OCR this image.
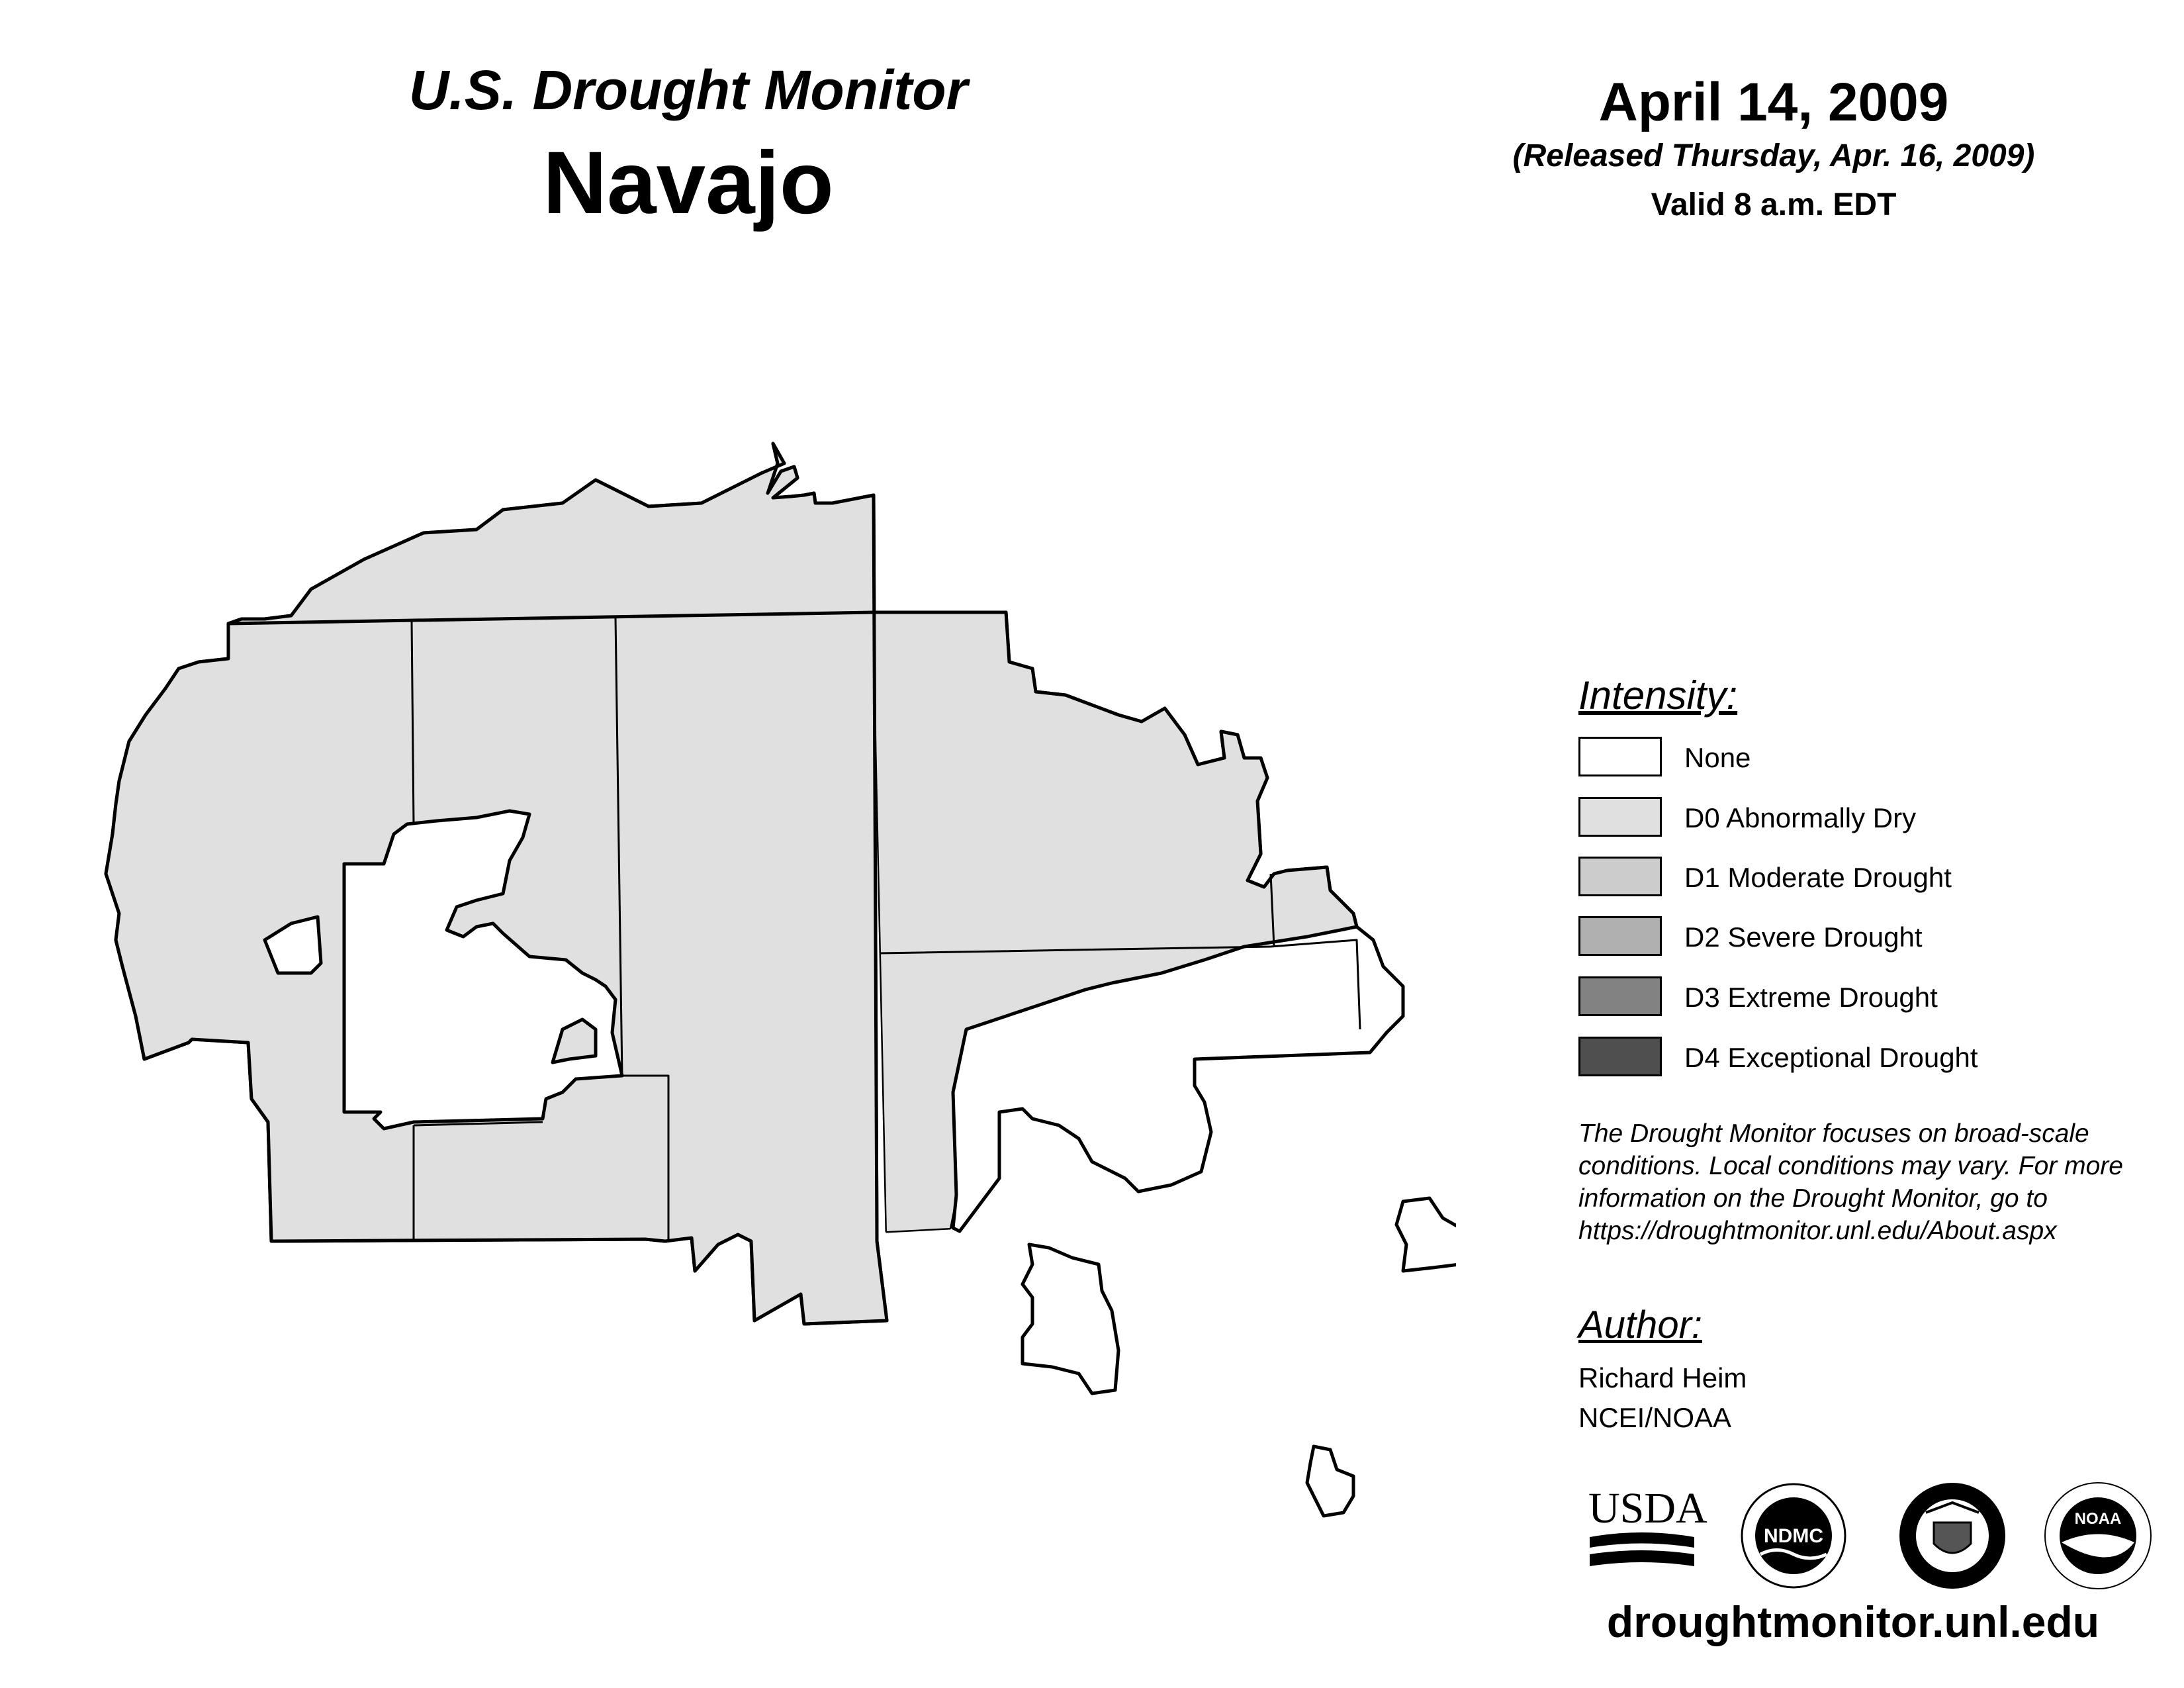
U.S. Drought Monitor
Navajo
April 14, 2009
(Released Thursday, Apr. 16, 2009)
Valid 8 a.m. EDT
Intensity:
None
D0 Abnormally Dry
D1 Moderate Drought
D2 Severe Drought
D3 Extreme Drought
D4 Exceptional Drought
The Drought Monitor focuses on broad-scale conditions. Local conditions may vary. For more information on the Drought Monitor, go to https://droughtmonitor.unl.edu/About.aspx
Author:
Richard Heim
NCEI/NOAA
USDA
NDMC
NOAA
droughtmonitor.unl.edu
